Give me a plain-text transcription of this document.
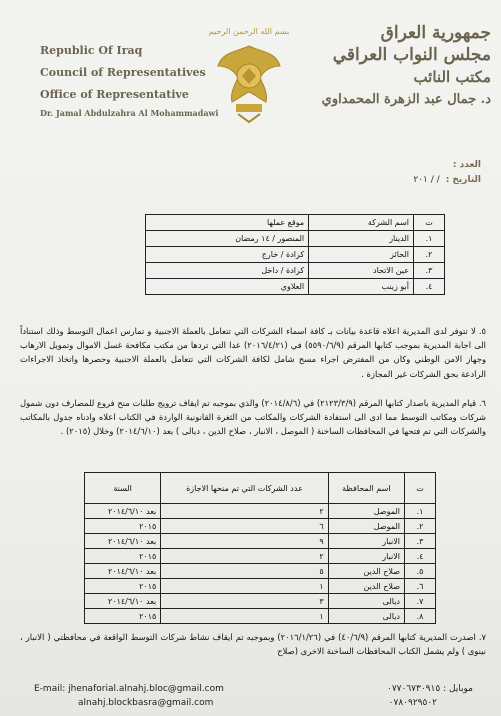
Republic Of Iraq
Council of Representatives
Office of Representative
Dr. Jamal Abdulzahra Al Mohammadawi
بسم الله الرحمن الرحيم	جمهورية العراق
مجلس النواب العراقي
مكتب النائب
د. جمال عبد الزهرة المحمداوي
العدد :
التاريخ :/ / ٢٠١
ت	اسم الشركة	موقع عملها
١.	الدينار	المنصور / ١٤ رمضان
٢.	الحائز	كرادة / خارج
٣.	عين الاتحاد	كرادة / داخل
٤.	أبو زينب	العلاوي
٥. لا تتوفر لدى المديرية اعلاه قاعدة بيانات بـ كافة اسماء الشركات التي تتعامل بالعملة الاجنبية و تمارس اعمال التوسط وذلك استناداً الى اجابة المديرية بموجب كتابها المرقم (٥٥٩٠/٦/٩) في (٢٠١٦/٤/٢١) عدا التي تردها من مكتب مكافحة غسل الاموال وتمويل الارهاب وجهاز الامن الوطني وكان من المفترض اجراء مسح شامل لكافة الشركات التي تتعامل بالعملة الاجنبية وحصرها واتخاذ الاجراءات الرادعة بحق الشركات غير المجازة .
٦. قيام المديرية باصدار كتابها المرقم (٢١٢٣/٣/٩) في (٢٠١٤/٨/٦) والذي بموجبه تم ايقاف ترويج طلبات منح فروع للمصارف دون شمول شركات ومكاتب التوسط مما ادى الى استفادة الشركات والمكاتب من الثغرة القانونية الواردة في الكتاب اعلاه وادناه جدول بالمكاتب والشركات التي تم فتحها في المحافظات الساخنة ( الموصل ، الانبار ، صلاح الدين ، ديالى ) بعد (٢٠١٤/٦/١٠) وخلال (٢٠١٥) .
ت	اسم المحافظة	عدد الشركات التي تم منحها الاجازة	السنة
١.	الموصل	٢	بعد ٢٠١٤/٦/١٠
٢.	الموصل	٦	٢٠١٥
٣.	الانبار	٩	بعد ٢٠١٤/٦/١٠
٤.	الانبار	٢	٢٠١٥
٥.	صلاح الدين	٥	بعد ٢٠١٤/٦/١٠
٦.	صلاح الدين	١	٢٠١٥
٧.	ديالى	٣	بعد ٢٠١٤/٦/١٠
٨.	ديالى	١	٢٠١٥
٧. اصدرت المديرية كتابها المرقم (٤٠/٦/٩) في (٢٠١٦/١/٢٦) وبموجبه تم ايقاف نشاط شركات التوسط الواقعة في محافظتي ( الانبار ، نينوى ) ولم يشمل الكتاب المحافظات الساخنة الاخرى (صلاح
E-mail: jhenaforial.alnahj.bloc@gmail.com
alnahj.blockbasra@gmail.com
موبايل : ٠٧٧٠٦٧٣٠٩١٥
٠٧٨٠٩٢٩٥٠٢
